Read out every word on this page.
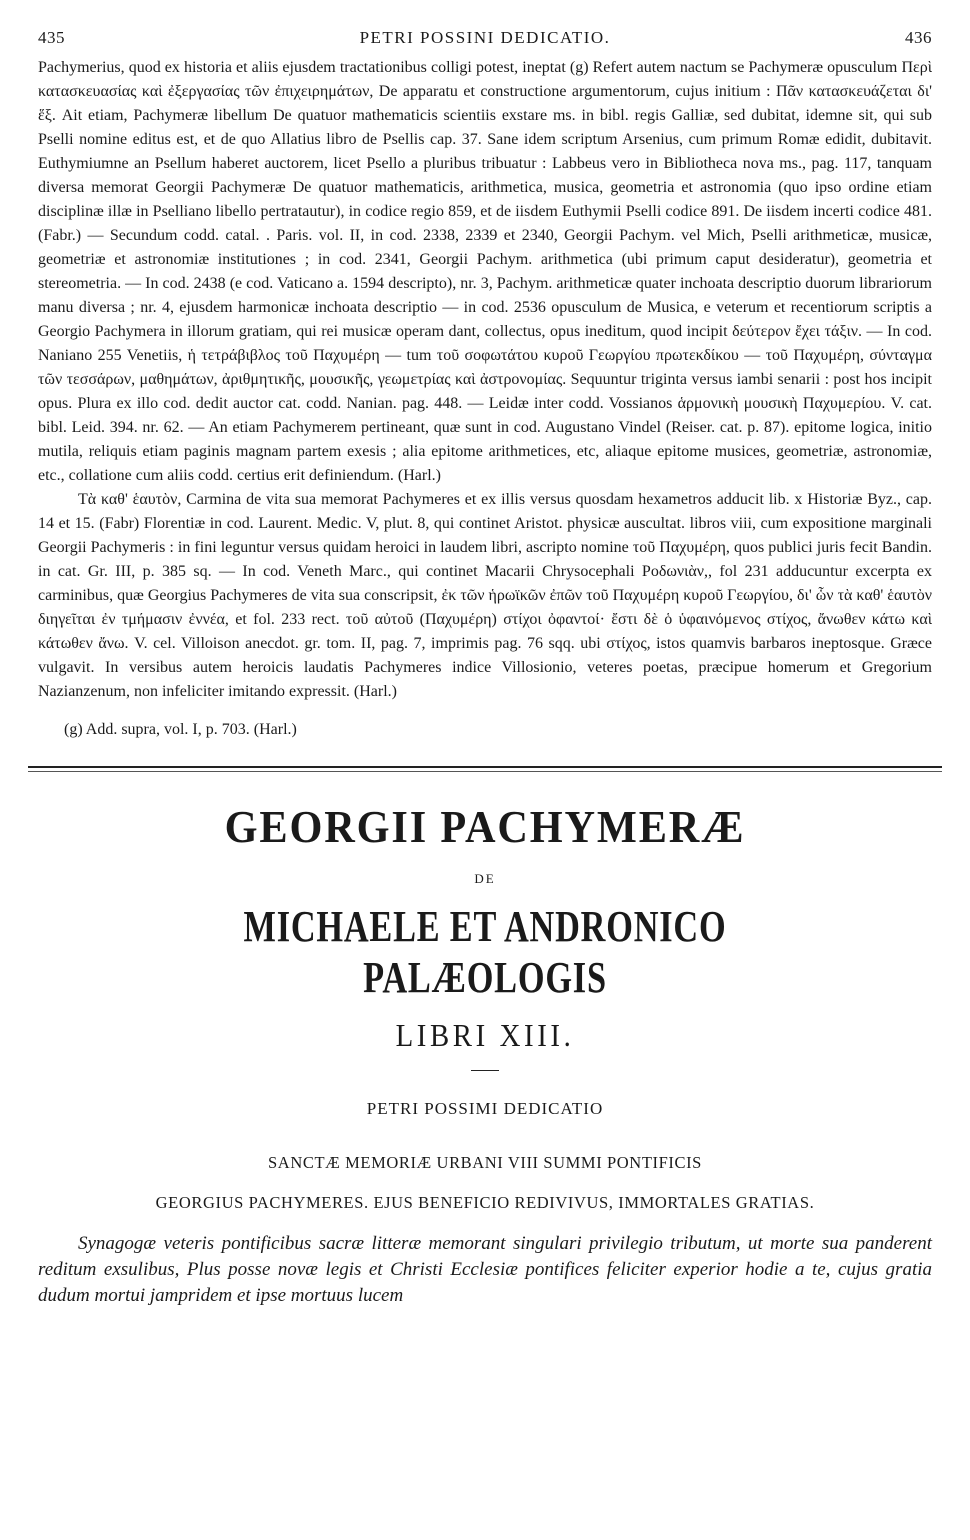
435	PETRI POSSINI DEDICATIO.	436

Pachymerius, quod ex historia et aliis ejusdem tractationibus colligi potest, ineptat (g) Refert autem nactum se Pachymeræ opusculum Περὶ κατασκευασίας καὶ ἐξεργασίας τῶν ἐπιχειρημάτων, De apparatu et constructione argumentorum, cujus initium : Πᾶν κατασκευάζεται δι' ἕξ. Ait etiam, Pachymeræ libellum De quatuor mathematicis scientiis exstare ms. in bibl. regis Galliæ, sed dubitat, idemne sit, qui sub Pselli nomine editus est, et de quo Allatius libro de Psellis cap. 37. Sane idem scriptum Arsenius, cum primum Romæ edidit, dubitavit. Euthymiumne an Psellum haberet auctorem, licet Psello a pluribus tribuatur : Labbeus vero in Bibliotheca nova ms., pag. 117, tanquam diversa memorat Georgii Pachymeræ De quatuor mathematicis, arithmetica, musica, geometria et astronomia (quo ipso ordine etiam disciplinæ illæ in Pselliano libello pertratautur), in codice regio 859, et de iisdem Euthymii Pselli codice 891. De iisdem incerti codice 481. (Fabr.) — Secundum codd. catal. . Paris. vol. II, in cod. 2338, 2339 et 2340, Georgii Pachym. vel Mich, Pselli arithmeticæ, musicæ, geometriæ et astronomiæ institutiones ; in cod. 2341, Georgii Pachym. arithmetica (ubi primum caput desideratur), geometria et stereometria. — In cod. 2438 (e cod. Vaticano a. 1594 descripto), nr. 3, Pachym. arithmeticæ quater inchoata descriptio duorum librariorum manu diversa ; nr. 4, ejusdem harmonicæ inchoata descriptio — in cod. 2536 opusculum de Musica, e veterum et recentiorum scriptis a Georgio Pachymera in illorum gratiam, qui rei musicæ operam dant, collectus, opus ineditum, quod incipit δεύτερον ἔχει τάξιν. — In cod. Naniano 255 Venetiis, ἡ τετράβιβλος τοῦ Παχυμέρη — tum τοῦ σοφωτάτου κυροῦ Γεωργίου πρωτεκδίκου — τοῦ Παχυμέρη, σύνταγμα τῶν τεσσάρων, μαθημάτων, ἀριθμητικῆς, μουσικῆς, γεωμετρίας καὶ ἀστρονομίας. Sequuntur triginta versus iambi senarii : post hos incipit opus. Plura ex illo cod. dedit auctor cat. codd. Nanian. pag. 448. — Leidæ inter codd. Vossianos ἁρμονικὴ μουσικὴ Παχυμερίου. V. cat. bibl. Leid. 394. nr. 62. — An etiam Pachymerem pertineant, quæ sunt in cod. Augustano Vindel (Reiser. cat. p. 87). epitome logica, initio mutila, reliquis etiam paginis magnam partem exesis ; alia epitome arithmetices, etc, aliaque epitome musices, geometriæ, astronomiæ, etc., collatione cum aliis codd. certius erit definiendum. (Harl.)

Τὰ καθ' ἑαυτὸν, Carmina de vita sua memorat Pachymeres et ex illis versus quosdam hexametros adducit lib. x Historiæ Byz., cap. 14 et 15. (Fabr) Florentiæ in cod. Laurent. Medic. V, plut. 8, qui continet Aristot. physicæ auscultat. libros viii, cum expositione marginali Georgii Pachymeris : in fini leguntur versus quidam heroici in laudem libri, ascripto nomine τοῦ Παχυμέρη, quos publici juris fecit Bandin. in cat. Gr. III, p. 385 sq. — In cod. Veneth Marc., qui continet Macarii Chrysocephali Ροδωνιὰν,, fol 231 adducuntur excerpta ex carminibus, quæ Georgius Pachymeres de vita sua conscripsit, ἐκ τῶν ἡρωϊκῶν ἐπῶν τοῦ Παχυμέρη κυροῦ Γεωργίου, δι' ὧν τὰ καθ' ἑαυτὸν διηγεῖται ἐν τμήμασιν ἐννέα, et fol. 233 rect. τοῦ αὐτοῦ (Παχυμέρη) στίχοι ὀφαντοί· ἔστι δὲ ὁ ὑφαινόμενος στίχος, ἄνωθεν κάτω καὶ κάτωθεν ἄνω. V. cel. Villoison anecdot. gr. tom. II, pag. 7, imprimis pag. 76 sqq. ubi στίχος, istos quamvis barbaros ineptosque. Græce vulgavit. In versibus autem heroicis laudatis Pachymeres indice Villosionio, veteres poetas, præcipue homerum et Gregorium Nazianzenum, non infeliciter imitando expressit. (Harl.)

(g) Add. supra, vol. I, p. 703. (Harl.)

GEORGII PACHYMERÆ
DE
MICHAELE ET ANDRONICO PALÆOLOGIS
LIBRI XIII.
PETRI POSSIMI DEDICATIO
SANCTÆ MEMORIÆ URBANI VIII SUMMI PONTIFICIS
GEORGIUS PACHYMERES. EJUS BENEFICIO REDIVIVUS, IMMORTALES GRATIAS.

Synagogæ veteris pontificibus sacræ litteræ memorant singulari privilegio tributum, ut morte sua panderent reditum exsulibus, Plus posse novæ legis et Christi Ecclesiæ pontifices feliciter experior hodie a te, cujus gratia dudum mortui jampridem et ipse mortuus lucem
